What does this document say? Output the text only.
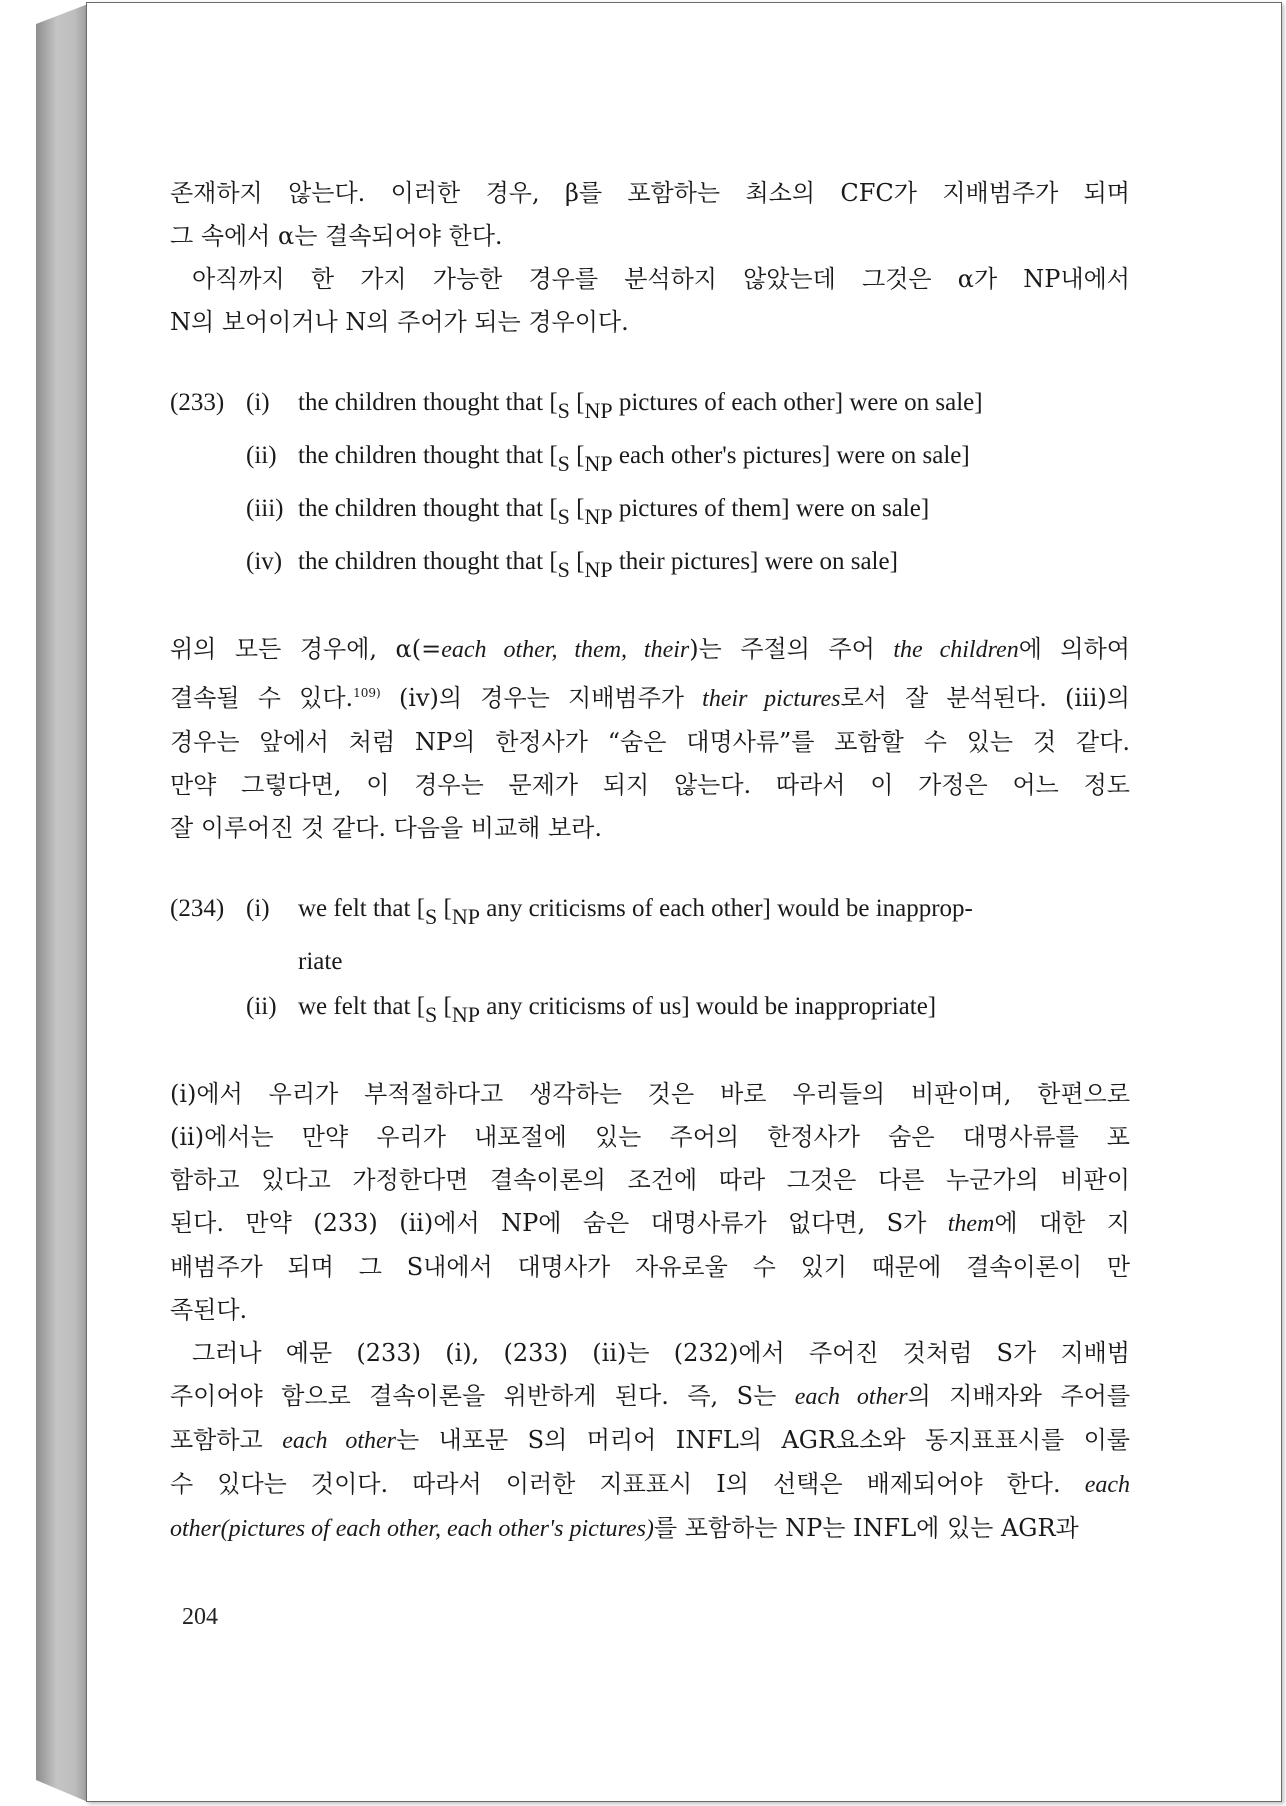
존재하지 않는다. 이러한 경우, β를 포함하는 최소의 CFC가 지배범주가 되며
그 속에서 α는 결속되어야 한다.
아직까지 한 가지 가능한 경우를 분석하지 않았는데 그것은 α가 NP내에서
N의 보어이거나 N의 주어가 되는 경우이다.
(233) (i)	the children thought that [$_S$ [$_{NP}$ pictures of each other] were on sale]
(ii) the children thought that [$_S$ [$_{NP}$ each other's pictures] were on sale]
(iii) the children thought that [$_S$ [$_{NP}$ pictures of them] were on sale]
(iv) the children thought that [$_S$ [$_{NP}$ their pictures] were on sale]
위의 모든 경우에, α(=each other, them, their)는 주절의 주어 the children에 의하여
결속될 수 있다.$^{109)}$ (iv)의 경우는 지배범주가 their pictures로서 잘 분석된다. (iii)의
경우는 앞에서 처럼 NP의 한정사가 “숨은 대명사류”를 포함할 수 있는 것 같다.
만약 그렇다면, 이 경우는 문제가 되지 않는다. 따라서 이 가정은 어느 정도
잘 이루어진 것 같다. 다음을 비교해 보라.
(234) (i)	we felt that [$_S$ [$_{NP}$ any criticisms of each other] would be inapprop-
riate
(ii) we felt that [$_S$ [$_{NP}$ any criticisms of us] would be inappropriate]
(i)에서 우리가 부적절하다고 생각하는 것은 바로 우리들의 비판이며, 한편으로
(ii)에서는 만약 우리가 내포절에 있는 주어의 한정사가 숨은 대명사류를 포
함하고 있다고 가정한다면 결속이론의 조건에 따라 그것은 다른 누군가의 비판이
된다. 만약 (233) (ii)에서 NP에 숨은 대명사류가 없다면, S가 them에 대한 지
배범주가 되며 그 S내에서 대명사가 자유로울 수 있기 때문에 결속이론이 만
족된다.
그러나 예문 (233) (i), (233) (ii)는 (232)에서 주어진 것처럼 S가 지배범
주이어야 함으로 결속이론을 위반하게 된다. 즉, S는 each other의 지배자와 주어를
포함하고 each other는 내포문 S의 머리어 INFL의 AGR요소와 동지표표시를 이룰
수 있다는 것이다. 따라서 이러한 지표표시 I의 선택은 배제되어야 한다. each
other(pictures of each other, each other's pictures)를 포함하는 NP는 INFL에 있는 AGR과
204
